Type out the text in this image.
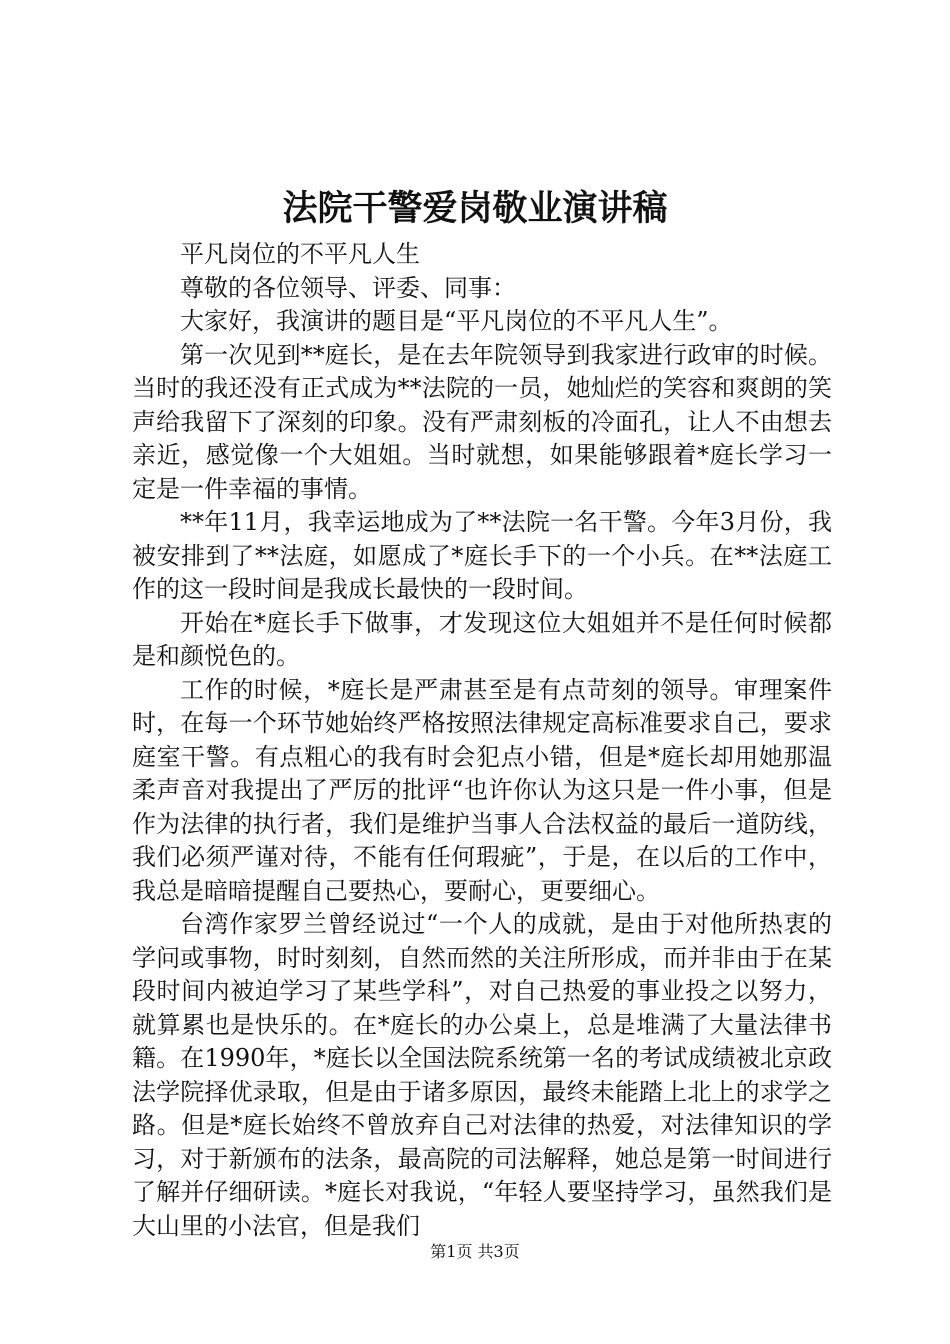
法院干警爱岗敬业演讲稿

平凡岗位的不平凡人生

尊敬的各位领导、评委、同事：

大家好，我演讲的题目是“平凡岗位的不平凡人生”。

第一次见到**庭长，是在去年院领导到我家进行政审的时候。当时的我还没有正式成为**法院的一员，她灿烂的笑容和爽朗的笑声给我留下了深刻的印象。没有严肃刻板的冷面孔，让人不由想去亲近，感觉像一个大姐姐。当时就想，如果能够跟着*庭长学习一定是一件幸福的事情。

**年11月，我幸运地成为了**法院一名干警。今年3月份，我被安排到了**法庭，如愿成了*庭长手下的一个小兵。在**法庭工作的这一段时间是我成长最快的一段时间。

开始在*庭长手下做事，才发现这位大姐姐并不是任何时候都是和颜悦色的。

工作的时候，*庭长是严肃甚至是有点苛刻的领导。审理案件时，在每一个环节她始终严格按照法律规定高标准要求自己，要求庭室干警。有点粗心的我有时会犯点小错，但是*庭长却用她那温柔声音对我提出了严厉的批评“也许你认为这只是一件小事，但是作为法律的执行者，我们是维护当事人合法权益的最后一道防线，我们必须严谨对待，不能有任何瑕疵”，于是，在以后的工作中，我总是暗暗提醒自己要热心，要耐心，更要细心。

台湾作家罗兰曾经说过“一个人的成就，是由于对他所热衷的学问或事物，时时刻刻，自然而然的关注所形成，而并非由于在某段时间内被迫学习了某些学科”，对自己热爱的事业投之以努力，就算累也是快乐的。在*庭长的办公桌上，总是堆满了大量法律书籍。在1990年，*庭长以全国法院系统第一名的考试成绩被北京政法学院择优录取，但是由于诸多原因，最终未能踏上北上的求学之路。但是*庭长始终不曾放弃自己对法律的热爱，对法律知识的学习，对于新颁布的法条，最高院的司法解释，她总是第一时间进行了解并仔细研读。*庭长对我说，“年轻人要坚持学习，虽然我们是大山里的小法官，但是我们

第1页 共3页
